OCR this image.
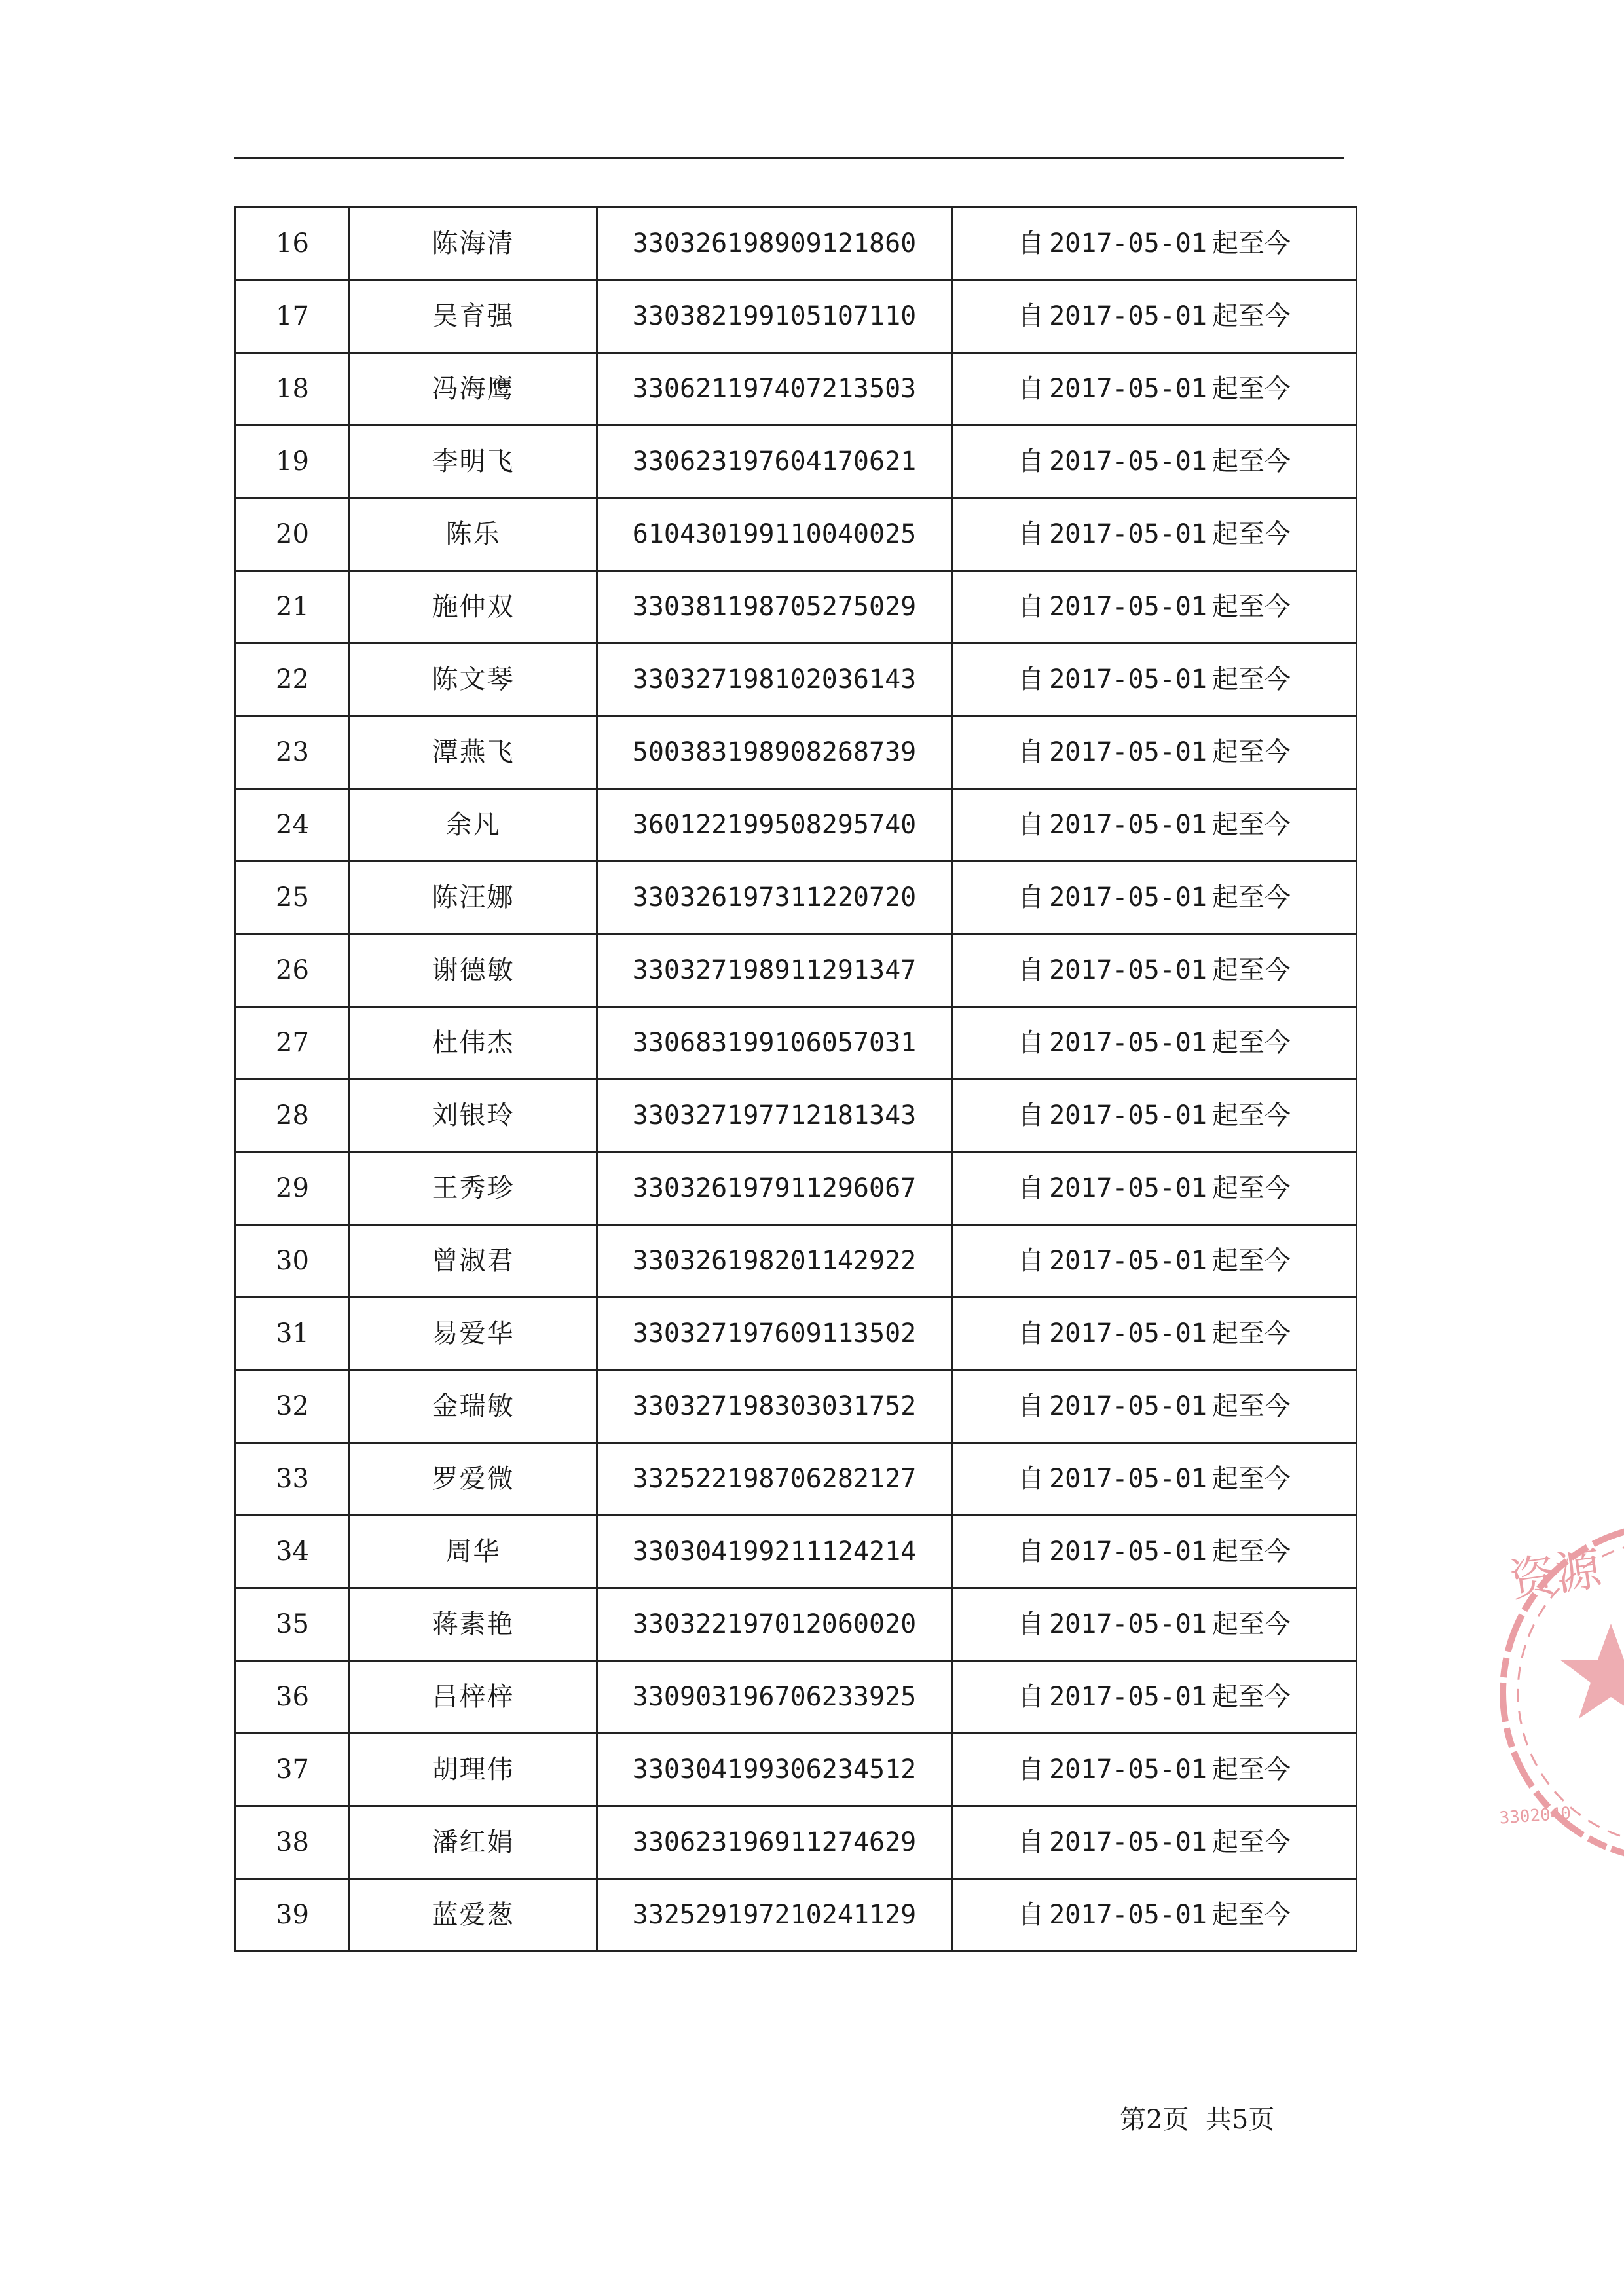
16	陈海清	330326198909121860	自 2017-05-01 起至今
17	吴育强	330382199105107110	自 2017-05-01 起至今
18	冯海鹰	330621197407213503	自 2017-05-01 起至今
19	李明飞	330623197604170621	自 2017-05-01 起至今
20	陈乐	610430199110040025	自 2017-05-01 起至今
21	施仲双	330381198705275029	自 2017-05-01 起至今
22	陈文琴	330327198102036143	自 2017-05-01 起至今
23	潭燕飞	500383198908268739	自 2017-05-01 起至今
24	余凡	360122199508295740	自 2017-05-01 起至今
25	陈汪娜	330326197311220720	自 2017-05-01 起至今
26	谢德敏	330327198911291347	自 2017-05-01 起至今
27	杜伟杰	330683199106057031	自 2017-05-01 起至今
28	刘银玲	330327197712181343	自 2017-05-01 起至今
29	王秀珍	330326197911296067	自 2017-05-01 起至今
30	曾淑君	330326198201142922	自 2017-05-01 起至今
31	易爱华	330327197609113502	自 2017-05-01 起至今
32	金瑞敏	330327198303031752	自 2017-05-01 起至今
33	罗爱微	332522198706282127	自 2017-05-01 起至今
34	周华	330304199211124214	自 2017-05-01 起至今
35	蒋素艳	330322197012060020	自 2017-05-01 起至今
36	吕梓梓	330903196706233925	自 2017-05-01 起至今
37	胡理伟	330304199306234512	自 2017-05-01 起至今
38	潘红娟	330623196911274629	自 2017-05-01 起至今
39	蓝爱葱	332529197210241129	自 2017-05-01 起至今
第2页  共5页
资源
3302040
